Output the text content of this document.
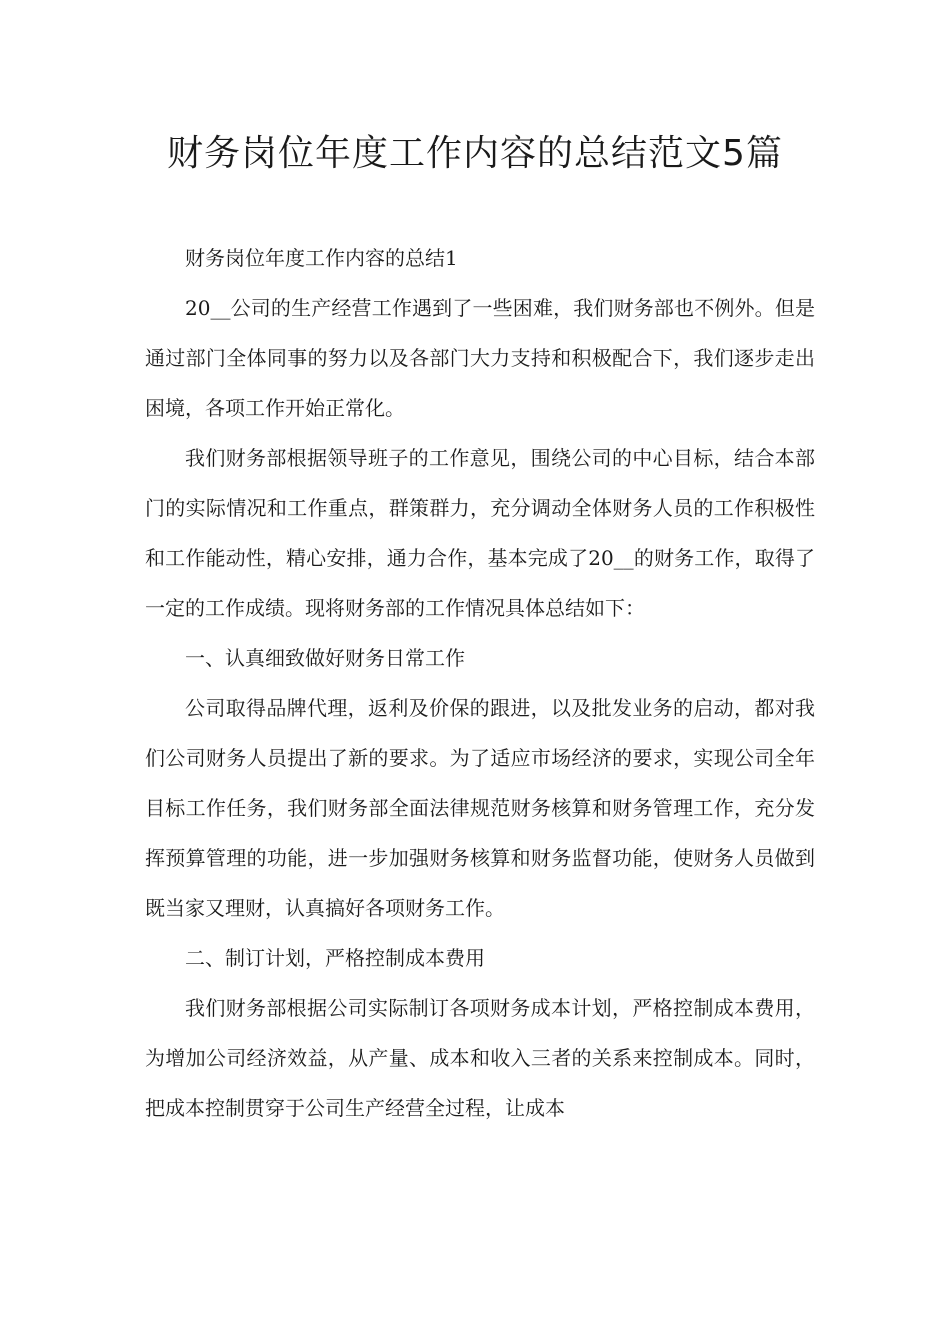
财务岗位年度工作内容的总结范文5篇

财务岗位年度工作内容的总结1

20__公司的生产经营工作遇到了一些困难，我们财务部也不例外。但是通过部门全体同事的努力以及各部门大力支持和积极配合下，我们逐步走出困境，各项工作开始正常化。

我们财务部根据领导班子的工作意见，围绕公司的中心目标，结合本部门的实际情况和工作重点，群策群力，充分调动全体财务人员的工作积极性和工作能动性，精心安排，通力合作，基本完成了20__的财务工作，取得了一定的工作成绩。现将财务部的工作情况具体总结如下：

一、认真细致做好财务日常工作

公司取得品牌代理，返利及价保的跟进，以及批发业务的启动，都对我们公司财务人员提出了新的要求。为了适应市场经济的要求，实现公司全年目标工作任务，我们财务部全面法律规范财务核算和财务管理工作，充分发挥预算管理的功能，进一步加强财务核算和财务监督功能，使财务人员做到既当家又理财，认真搞好各项财务工作。

二、制订计划，严格控制成本费用

我们财务部根据公司实际制订各项财务成本计划，严格控制成本费用，为增加公司经济效益，从产量、成本和收入三者的关系来控制成本。同时，把成本控制贯穿于公司生产经营全过程，让成本
